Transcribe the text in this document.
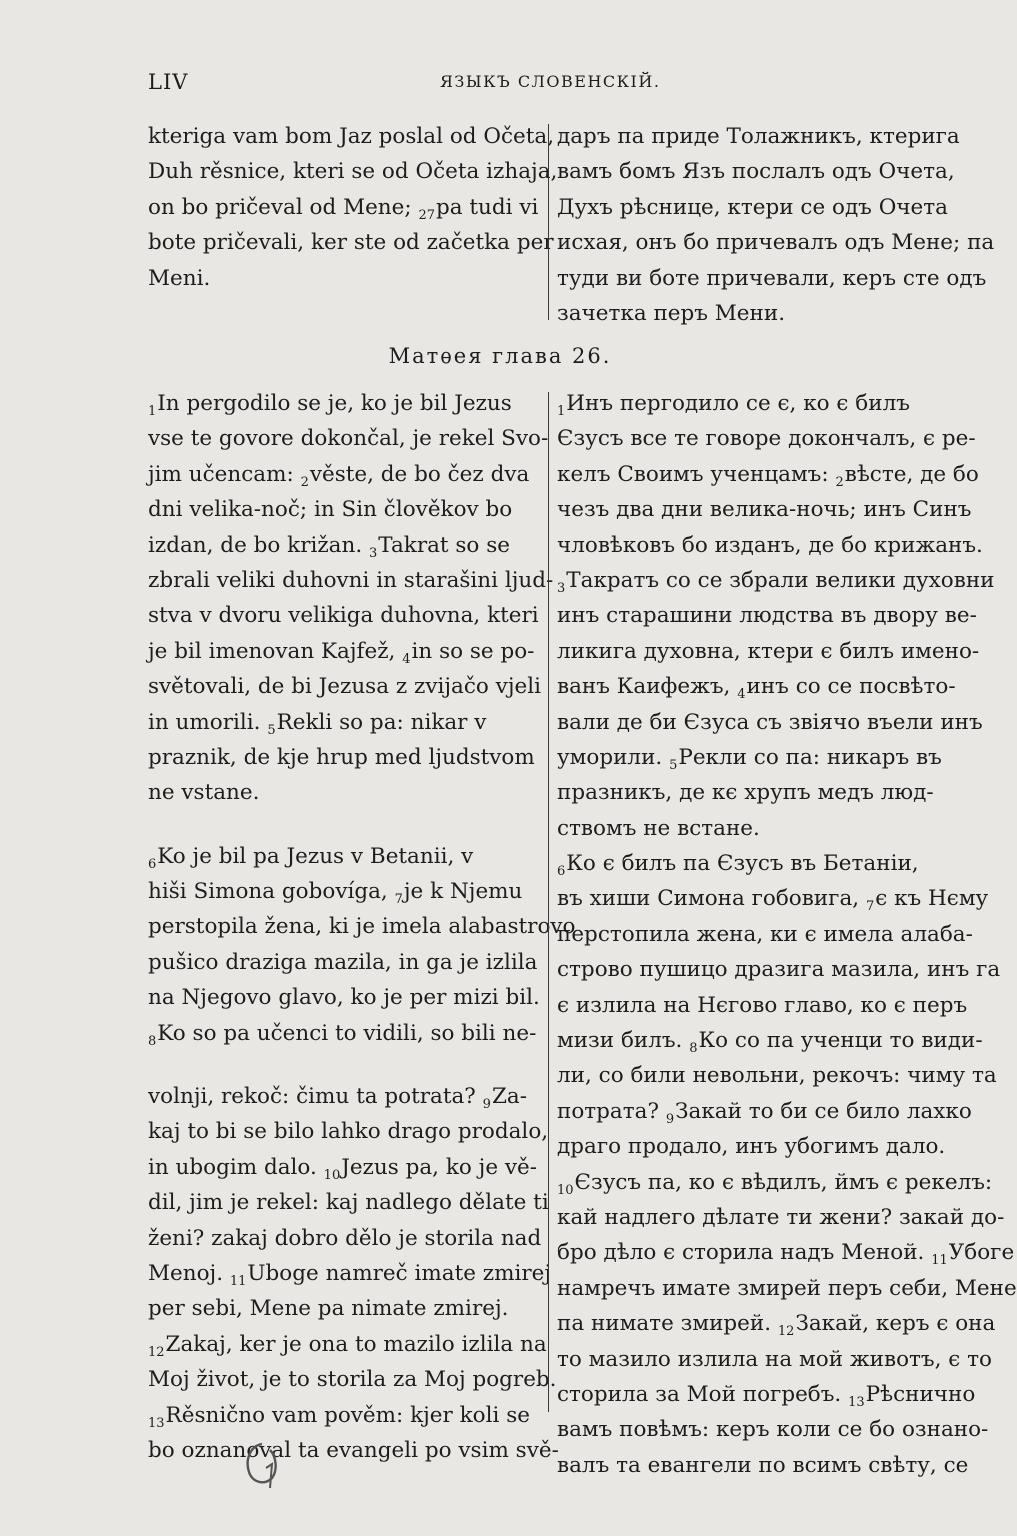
LIV	ЯЗЫКЪ СЛОВЕНСКІЙ.
kteriga vam bom Jaz poslal od Očeta,
Duh rěsnice, kteri se od Očeta izhaja,
on bo pričeval od Mene; $_{27}$pa tudi vi
bote pričevali, ker ste od začetka per
Meni.
даръ па приде Толажникъ, ктерига
вамъ бомъ Язъ послалъ одъ Очета,
Духъ рѣснице, ктери се одъ Очета
исхая, онъ бо причевалъ одъ Мене; па
туди ви боте причевали, керъ сте одъ
зачетка перъ Мени.
Матѳея глава 26.
$_1$In pergodilo se je, ko je bil Jezus
vse te govore dokončal, je rekel Svo-
jim učencam: $_2$věste, de bo čez dva
dni velika-noč; in Sin člověkov bo
izdan, de bo križan. $_3$Takrat so se
zbrali veliki duhovni in starašini ljud-
stva v dvoru velikiga duhovna, kteri
je bil imenovan Kajfež, $_4$in so se po-
světovali, de bi Jezusa z zvijačo vjeli
in umorili. $_5$Rekli so pa: nikar v
praznik, de kje hrup med ljudstvom
ne vstane.
$_6$Ko je bil pa Jezus v Betanii, v
hiši Simona gobovíga, $_7$je k Njemu
perstopila žena, ki je imela alabastrovo
pušico draziga mazila, in ga je izlila
na Njegovo glavo, ko je per mizi bil.
$_8$Ko so pa učenci to vidili, so bili ne-
volnji, rekoč: čimu ta potrata? $_9$Za-
kaj to bi se bilo lahko drago prodalo,
in ubogim dalo. $_{10}$Jezus pa, ko je vě-
dil, jim je rekel: kaj nadlego dělate ti
ženi? zakaj dobro dělo je storila nad
Menoj. $_{11}$Uboge namreč imate zmirej
per sebi, Mene pa nimate zmirej.
$_{12}$Zakaj, ker je ona to mazilo izlila na
Moj život, je to storila za Moj pogreb.
$_{13}$Rěsnično vam pověm: kjer koli se
bo oznanoval ta evangeli po vsim svě-
$_1$Инъ пергодило се є, ко є билъ
Єзусъ все те говоре докончалъ, є ре-
келъ Своимъ ученцамъ: $_2$вѣсте, де бо
чезъ два дни велика-ночь; инъ Синъ
чловѣковъ бо изданъ, де бо крижанъ.
$_3$Такратъ со се збрали велики духовни
инъ старашини людства въ двору ве-
ликига духовна, ктери є билъ имено-
ванъ Каифежъ, $_4$инъ со се посвѣто-
вали де би Єзуса съ звіячо въели инъ
уморили. $_5$Рекли со па: никаръ въ
празникъ, де кє хрупъ медъ люд-
ствомъ не встане.
$_6$Ко є билъ па Єзусъ въ Бетаніи,
въ хиши Симона гобовига, $_7$є къ Нєму
перстопила жена, ки є имела алаба-
строво пушицо дразига мазила, инъ га
є излила на Нєгово главо, ко є перъ
мизи билъ. $_8$Ко со па ученци то види-
ли, со били невольни, рекочъ: чиму та
потрата? $_9$Закай то би се било лахко
драго продало, инъ убогимъ дало.
$_{10}$Єзусъ па, ко є вѣдилъ, ймъ є рекелъ:
кай надлего дѣлате ти жени? закай до-
бро дѣло є сторила надъ Меной. $_{11}$Убоге
намречъ имате змирей перъ себи, Мене
па нимате змирей. $_{12}$Закай, керъ є она
то мазило излила на мой животъ, є то
сторила за Мой погребъ. $_{13}$Рѣснично
вамъ повѣмъ: керъ коли се бо ознано-
валъ та евангели по всимъ свѣту, се
